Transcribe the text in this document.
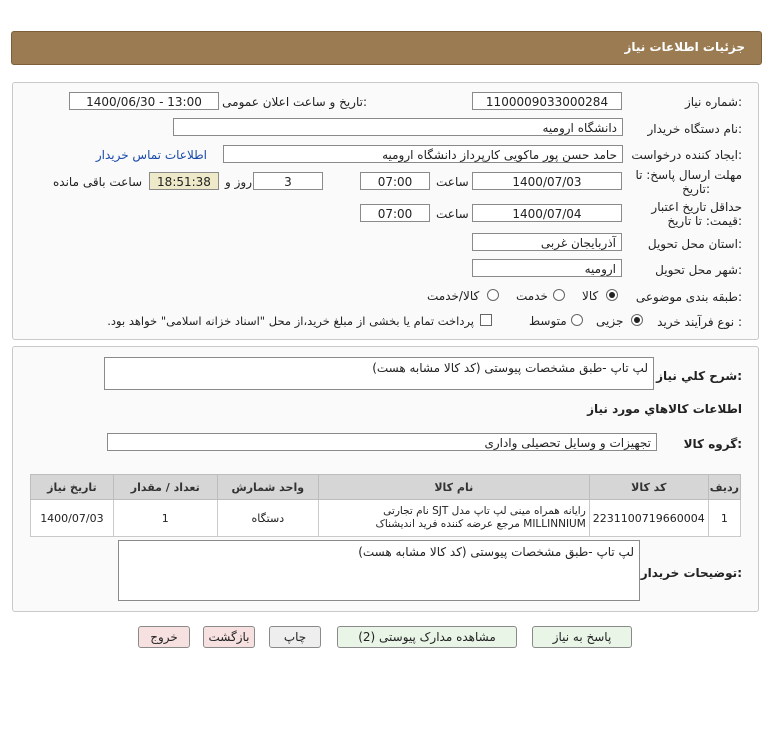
جزئیات اطلاعات نیاز
شماره نیاز:
1100009033000284
تاریخ و ساعت اعلان عمومی:
1400/06/30 - 13:00
نام دستگاه خریدار:
دانشگاه ارومیه
ایجاد کننده درخواست:
حامد حسن پور ماکویی کارپرداز دانشگاه ارومیه
اطلاعات تماس خریدار
مهلت ارسال پاسخ: تا
تاریخ:
1400/07/03
ساعت
07:00
3
روز و
18:51:38
ساعت باقی مانده
حداقل تاریخ اعتبار
قیمت: تا تاریخ:
1400/07/04
ساعت
07:00
استان محل تحویل:
آذربایجان غربی
شهر محل تحویل:
ارومیه
طبقه بندی موضوعی:
کالا
خدمت
کالا/خدمت
نوع فرآیند خرید :
جزیی
متوسط
پرداخت تمام یا بخشی از مبلغ خرید،از محل "اسناد خزانه اسلامی" خواهد بود.
شرح کلي نياز:
لپ تاپ -طبق مشخصات پیوستی (کد کالا مشابه هست)
اطلاعات کالاهاي مورد نياز
گروه کالا:
تجهیزات و وسایل تحصیلی واداری
ردیف	کد کالا	نام کالا	واحد شمارش	تعداد / مقدار	تاریخ نیاز
1	2231100719660004	رایانه همراه مینی لپ تاپ مدل SJT نام تجارتی MILLINNIUM مرجع عرضه کننده فرید اندیشناک	دستگاه	1	1400/07/03
توضیحات خریدار:
لپ تاپ -طبق مشخصات پیوستی (کد کالا مشابه هست)
پاسخ به نیاز
مشاهده مدارک پیوستی (2)
چاپ
بازگشت
خروج
